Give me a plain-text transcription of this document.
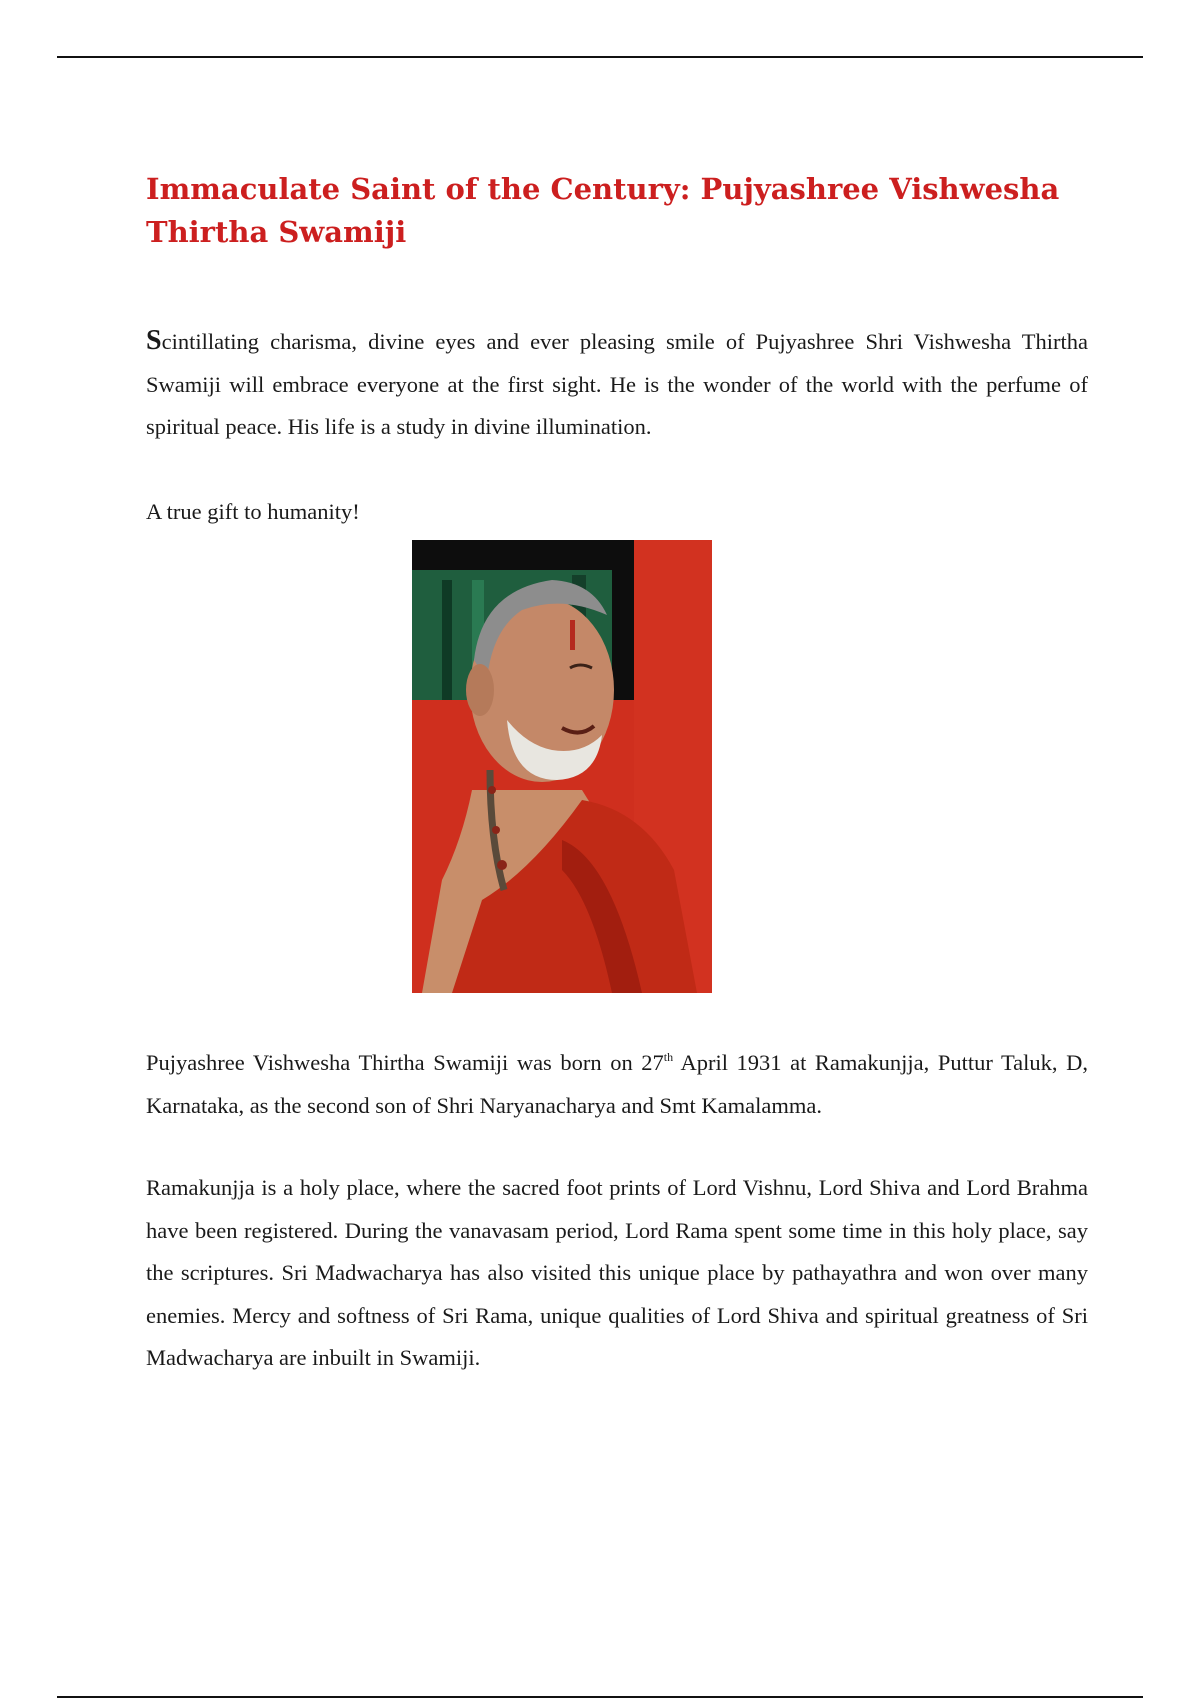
Immaculate Saint of the Century: Pujyashree Vishwesha Thirtha Swamiji

Scintillating charisma, divine eyes and ever pleasing smile of Pujyashree Shri Vishwesha Thirtha Swamiji will embrace everyone at the first sight. He is the wonder of the world with the perfume of spiritual peace. His life is a study in divine illumination.

A true gift to humanity!

Pujyashree Vishwesha Thirtha Swamiji was born on 27th April 1931 at Ramakunjja, Puttur Taluk, D, Karnataka, as the second son of Shri Naryanacharya and Smt Kamalamma.

Ramakunjja is a holy place, where the sacred foot prints of Lord Vishnu, Lord Shiva and Lord Brahma have been registered. During the vanavasam period, Lord Rama spent some time in this holy place, say the scriptures. Sri Madwacharya has also visited this unique place by pathayathra and won over many enemies. Mercy and softness of Sri Rama, unique qualities of Lord Shiva and spiritual greatness of Sri Madwacharya are inbuilt in Swamiji.
